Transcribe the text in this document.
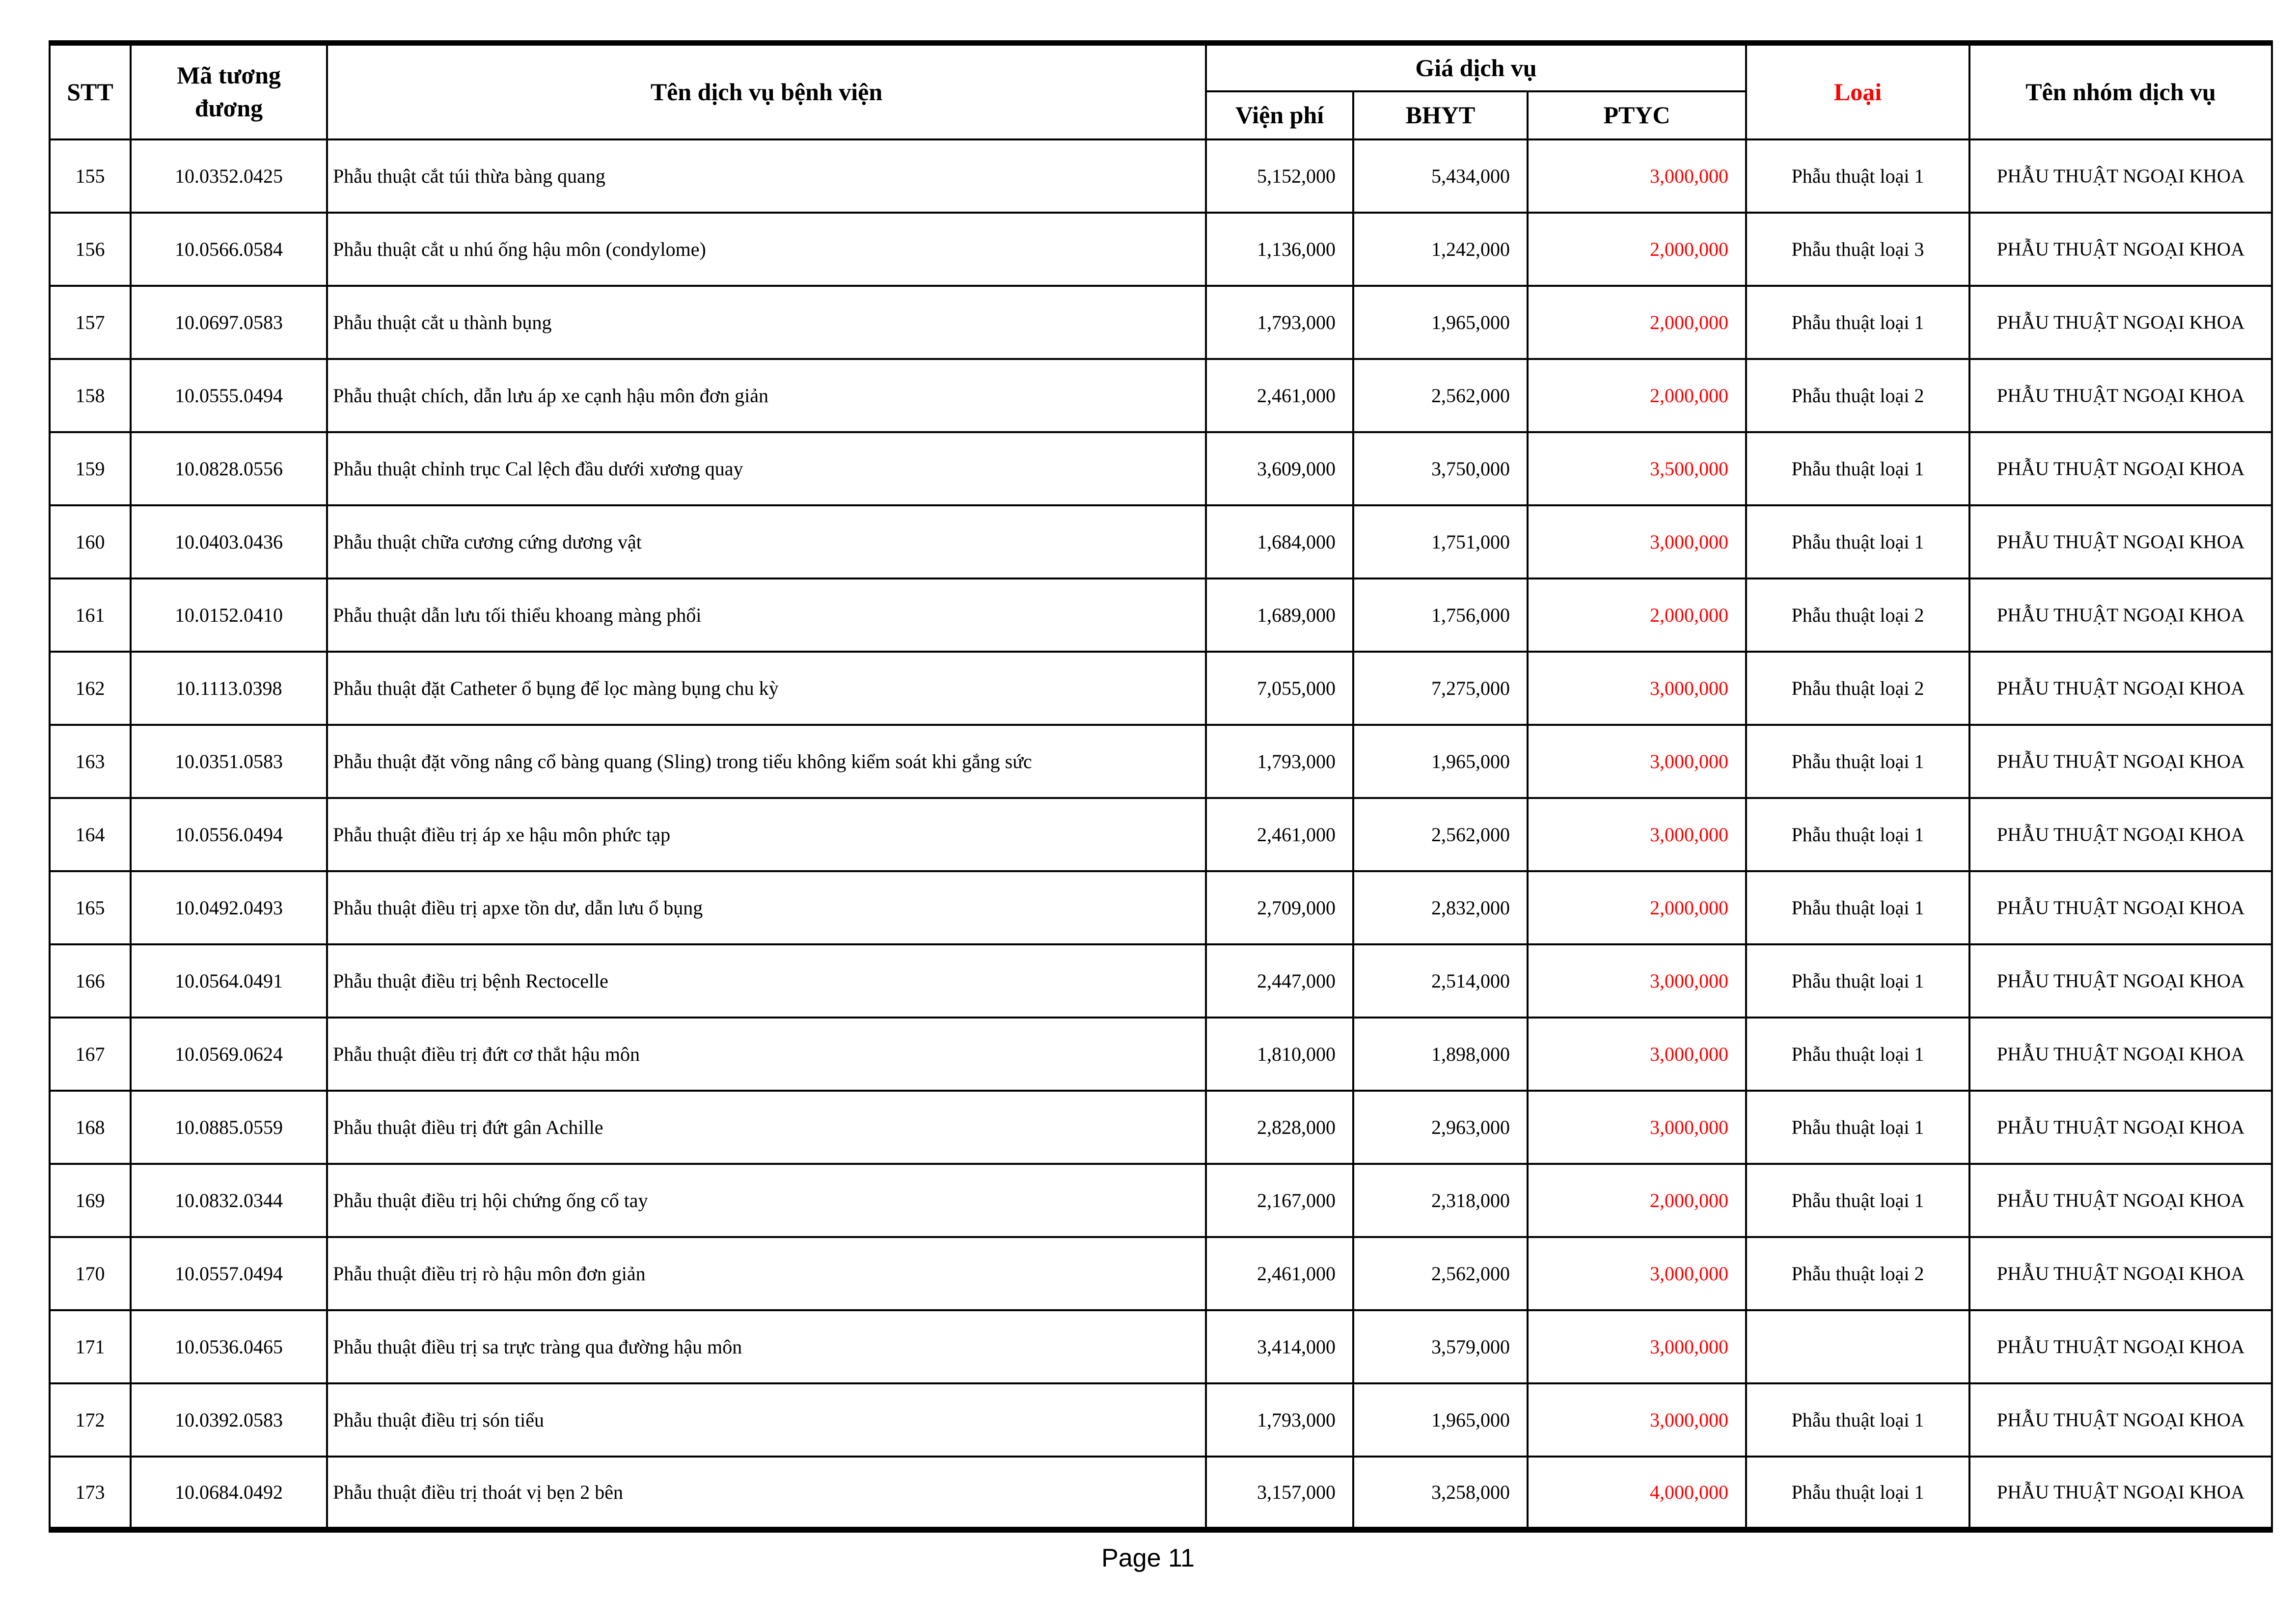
STT	Mã tương đương	Tên dịch vụ bệnh viện	Giá dịch vụ			Loại	Tên nhóm dịch vụ
			Viện phí	BHYT	PTYC		
155	10.0352.0425	Phẫu thuật cắt túi thừa bàng quang	5,152,000	5,434,000	3,000,000	Phẫu thuật loại 1	PHẪU THUẬT NGOẠI KHOA
156	10.0566.0584	Phẫu thuật cắt u nhú ống hậu môn (condylome)	1,136,000	1,242,000	2,000,000	Phẫu thuật loại 3	PHẪU THUẬT NGOẠI KHOA
157	10.0697.0583	Phẫu thuật cắt u thành bụng	1,793,000	1,965,000	2,000,000	Phẫu thuật loại 1	PHẪU THUẬT NGOẠI KHOA
158	10.0555.0494	Phẫu thuật chích, dẫn lưu áp xe cạnh hậu môn đơn giản	2,461,000	2,562,000	2,000,000	Phẫu thuật loại 2	PHẪU THUẬT NGOẠI KHOA
159	10.0828.0556	Phẫu thuật chỉnh trục Cal lệch đầu dưới xương quay	3,609,000	3,750,000	3,500,000	Phẫu thuật loại 1	PHẪU THUẬT NGOẠI KHOA
160	10.0403.0436	Phẫu thuật chữa cương cứng dương vật	1,684,000	1,751,000	3,000,000	Phẫu thuật loại 1	PHẪU THUẬT NGOẠI KHOA
161	10.0152.0410	Phẫu thuật dẫn lưu tối thiểu khoang màng phổi	1,689,000	1,756,000	2,000,000	Phẫu thuật loại 2	PHẪU THUẬT NGOẠI KHOA
162	10.1113.0398	Phẫu thuật đặt Catheter ổ bụng để lọc màng bụng chu kỳ	7,055,000	7,275,000	3,000,000	Phẫu thuật loại 2	PHẪU THUẬT NGOẠI KHOA
163	10.0351.0583	Phẫu thuật đặt võng nâng cổ bàng quang (Sling) trong tiểu không kiểm soát khi gắng sức	1,793,000	1,965,000	3,000,000	Phẫu thuật loại 1	PHẪU THUẬT NGOẠI KHOA
164	10.0556.0494	Phẫu thuật điều trị áp xe hậu môn phức tạp	2,461,000	2,562,000	3,000,000	Phẫu thuật loại 1	PHẪU THUẬT NGOẠI KHOA
165	10.0492.0493	Phẫu thuật điều trị apxe tồn dư, dẫn lưu ổ bụng	2,709,000	2,832,000	2,000,000	Phẫu thuật loại 1	PHẪU THUẬT NGOẠI KHOA
166	10.0564.0491	Phẫu thuật điều trị bệnh Rectocelle	2,447,000	2,514,000	3,000,000	Phẫu thuật loại 1	PHẪU THUẬT NGOẠI KHOA
167	10.0569.0624	Phẫu thuật điều trị đứt cơ thắt hậu môn	1,810,000	1,898,000	3,000,000	Phẫu thuật loại 1	PHẪU THUẬT NGOẠI KHOA
168	10.0885.0559	Phẫu thuật điều trị đứt gân Achille	2,828,000	2,963,000	3,000,000	Phẫu thuật loại 1	PHẪU THUẬT NGOẠI KHOA
169	10.0832.0344	Phẫu thuật điều trị hội chứng ống cổ tay	2,167,000	2,318,000	2,000,000	Phẫu thuật loại 1	PHẪU THUẬT NGOẠI KHOA
170	10.0557.0494	Phẫu thuật điều trị rò hậu môn đơn giản	2,461,000	2,562,000	3,000,000	Phẫu thuật loại 2	PHẪU THUẬT NGOẠI KHOA
171	10.0536.0465	Phẫu thuật điều trị sa trực tràng qua đường hậu môn	3,414,000	3,579,000	3,000,000		PHẪU THUẬT NGOẠI KHOA
172	10.0392.0583	Phẫu thuật điều trị són tiểu	1,793,000	1,965,000	3,000,000	Phẫu thuật loại 1	PHẪU THUẬT NGOẠI KHOA
173	10.0684.0492	Phẫu thuật điều trị thoát vị bẹn 2 bên	3,157,000	3,258,000	4,000,000	Phẫu thuật loại 1	PHẪU THUẬT NGOẠI KHOA
Page 11
